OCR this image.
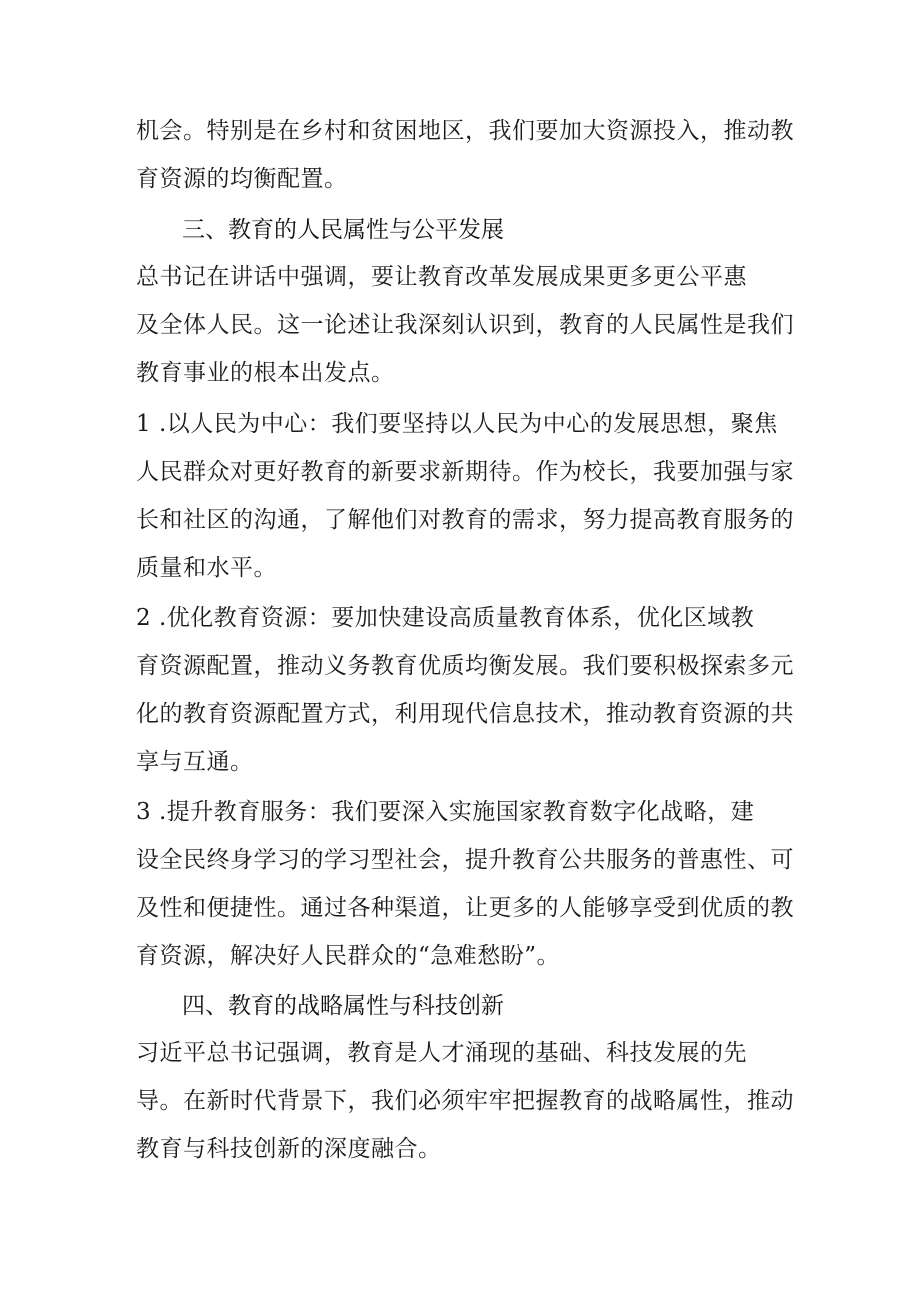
机会。特别是在乡村和贫困地区，我们要加大资源投入，推动教
育资源的均衡配置。
三、教育的人民属性与公平发展
总书记在讲话中强调，要让教育改革发展成果更多更公平惠
及全体人民。这一论述让我深刻认识到，教育的人民属性是我们
教育事业的根本出发点。
1 .以人民为中心：我们要坚持以人民为中心的发展思想，聚焦
人民群众对更好教育的新要求新期待。作为校长，我要加强与家
长和社区的沟通，了解他们对教育的需求，努力提高教育服务的
质量和水平。
2 .优化教育资源：要加快建设高质量教育体系，优化区域教
育资源配置，推动义务教育优质均衡发展。我们要积极探索多元
化的教育资源配置方式，利用现代信息技术，推动教育资源的共
享与互通。
3 .提升教育服务：我们要深入实施国家教育数字化战略，建
设全民终身学习的学习型社会，提升教育公共服务的普惠性、可
及性和便捷性。通过各种渠道，让更多的人能够享受到优质的教
育资源，解决好人民群众的“急难愁盼”。
四、教育的战略属性与科技创新
习近平总书记强调，教育是人才涌现的基础、科技发展的先
导。在新时代背景下，我们必须牢牢把握教育的战略属性，推动
教育与科技创新的深度融合。
